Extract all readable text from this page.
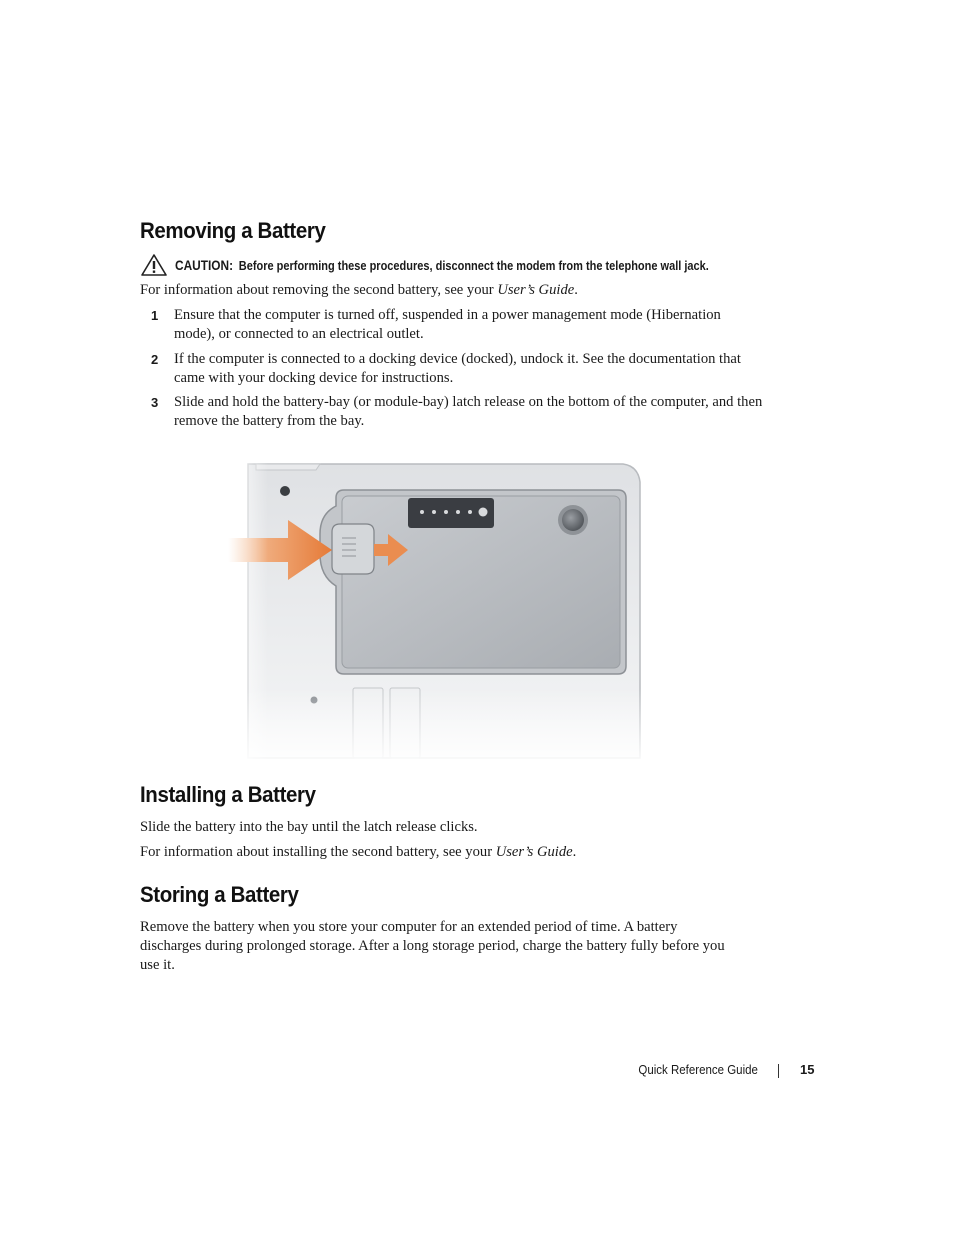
Removing a Battery
CAUTION: Before performing these procedures, disconnect the modem from the telephone wall jack.

For information about removing the second battery, see your User’s Guide.

1 Ensure that the computer is turned off, suspended in a power management mode (Hibernation mode), or connected to an electrical outlet.
2 If the computer is connected to a docking device (docked), undock it. See the documentation that came with your docking device for instructions.
3 Slide and hold the battery-bay (or module-bay) latch release on the bottom of the computer, and then remove the battery from the bay.
Installing a Battery

Slide the battery into the bay until the latch release clicks.

For information about installing the second battery, see your User’s Guide.

Storing a Battery

Remove the battery when you store your computer for an extended period of time. A battery discharges during prolonged storage. After a long storage period, charge the battery fully before you use it.

Quick Reference Guide	15
